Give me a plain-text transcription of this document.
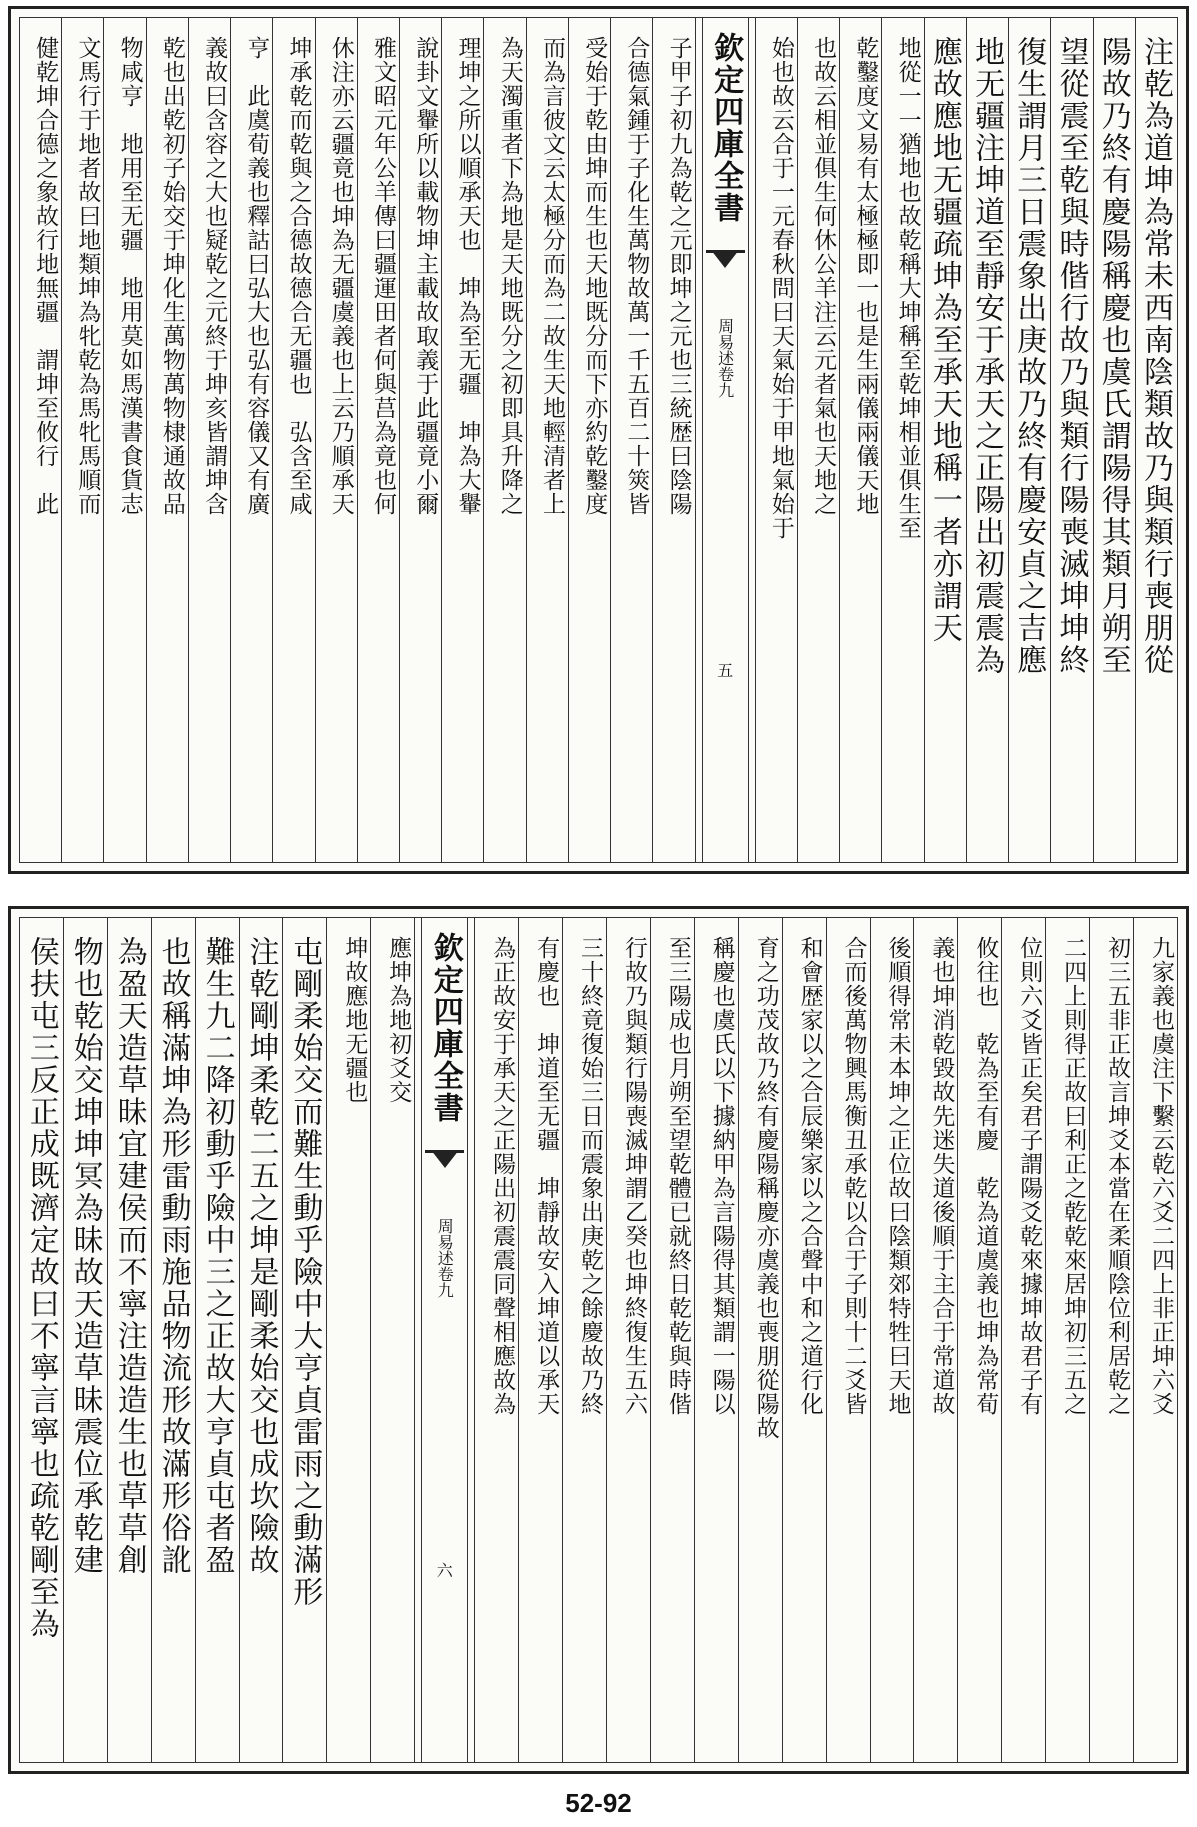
注乾為道坤為常未西南陰類故乃與類行喪朋從
陽故乃終有慶陽稱慶也虞氏謂陽得其類月朔至
望從震至乾與時偕行故乃與類行陽喪滅坤坤終
復生謂月三日震象出庚故乃終有慶安貞之吉應
地无疆注坤道至靜安于承天之正陽出初震震為
應故應地无疆疏坤為至承天地稱一者亦謂天
地從一一猶地也故乾稱大坤稱至乾坤相並俱生至
乾鑿度文易有太極極即一也是生兩儀兩儀天地
也故云相並俱生何休公羊注云元者氣也天地之
始也故云合于一元春秋問曰天氣始于甲地氣始于
欽定四庫全書
周易述
卷九
五
子甲子初九為乾之元即坤之元也三統歴曰陰陽
合德氣鍾于子化生萬物故萬一千五百二十筴皆
受始于乾由坤而生也天地既分而下亦約乾鑿度
而為言彼文云太極分而為二故生天地輕清者上
為天濁重者下為地是天地既分之初即具升降之
理坤之所以順承天也　坤為至无疆　坤為大轝
說卦文轝所以載物坤主載故取義于此疆竟小爾
雅文昭元年公羊傳曰疆運田者何與莒為竟也何
休注亦云疆竟也坤為无疆虞義也上云乃順承天
坤承乾而乾與之合德故德合无疆也　弘含至咸
亨　此虞荀義也釋詁曰弘大也弘有容儀又有廣
義故曰含容之大也疑乾之元終于坤亥皆謂坤含
乾也出乾初子始交于坤化生萬物萬物棣通故品
物咸亨　地用至无疆　地用莫如馬漢書食貨志
文馬行于地者故曰地類坤為牝乾為馬牝馬順而
健乾坤合德之象故行地無疆　謂坤至攸行　此
九家義也虞注下繫云乾六爻二四上非正坤六爻
初三五非正故言坤爻本當在柔順陰位利居乾之
二四上則得正故曰利正之乾乾來居坤初三五之
位則六爻皆正矣君子謂陽爻乾來據坤故君子有
攸往也　乾為至有慶　乾為道虞義也坤為常荀
義也坤消乾毀故先迷失道後順于主合于常道故
後順得常未本坤之正位故曰陰類郊特牲曰天地
合而後萬物興馬衡丑承乾以合于子則十二爻皆
和會歴家以之合辰樂家以之合聲中和之道行化
育之功茂故乃終有慶陽稱慶亦虞義也喪朋從陽故
稱慶也虞氏以下據納甲為言陽得其類謂一陽以
至三陽成也月朔至望乾體已就終日乾乾與時偕
行故乃與類行陽喪滅坤謂乙癸也坤終復生五六
三十終竟復始三日而震象出庚乾之餘慶故乃終
有慶也　坤道至无疆　坤靜故安入坤道以承天
為正故安于承天之正陽出初震震同聲相應故為
欽定四庫全書
周易述
卷九
六
應坤為地初爻交
坤故應地无疆也
屯剛柔始交而難生動乎險中大亨貞雷雨之動滿形
注乾剛坤柔乾二五之坤是剛柔始交也成坎險故
難生九二降初動乎險中三之正故大亨貞屯者盈
也故稱滿坤為形雷動雨施品物流形故滿形俗訛
為盈天造草昧宜建侯而不寧注造造生也草草創
物也乾始交坤坤冥為昧故天造草昧震位承乾建
侯扶屯三反正成既濟定故曰不寧言寧也疏乾剛至為
52-92
